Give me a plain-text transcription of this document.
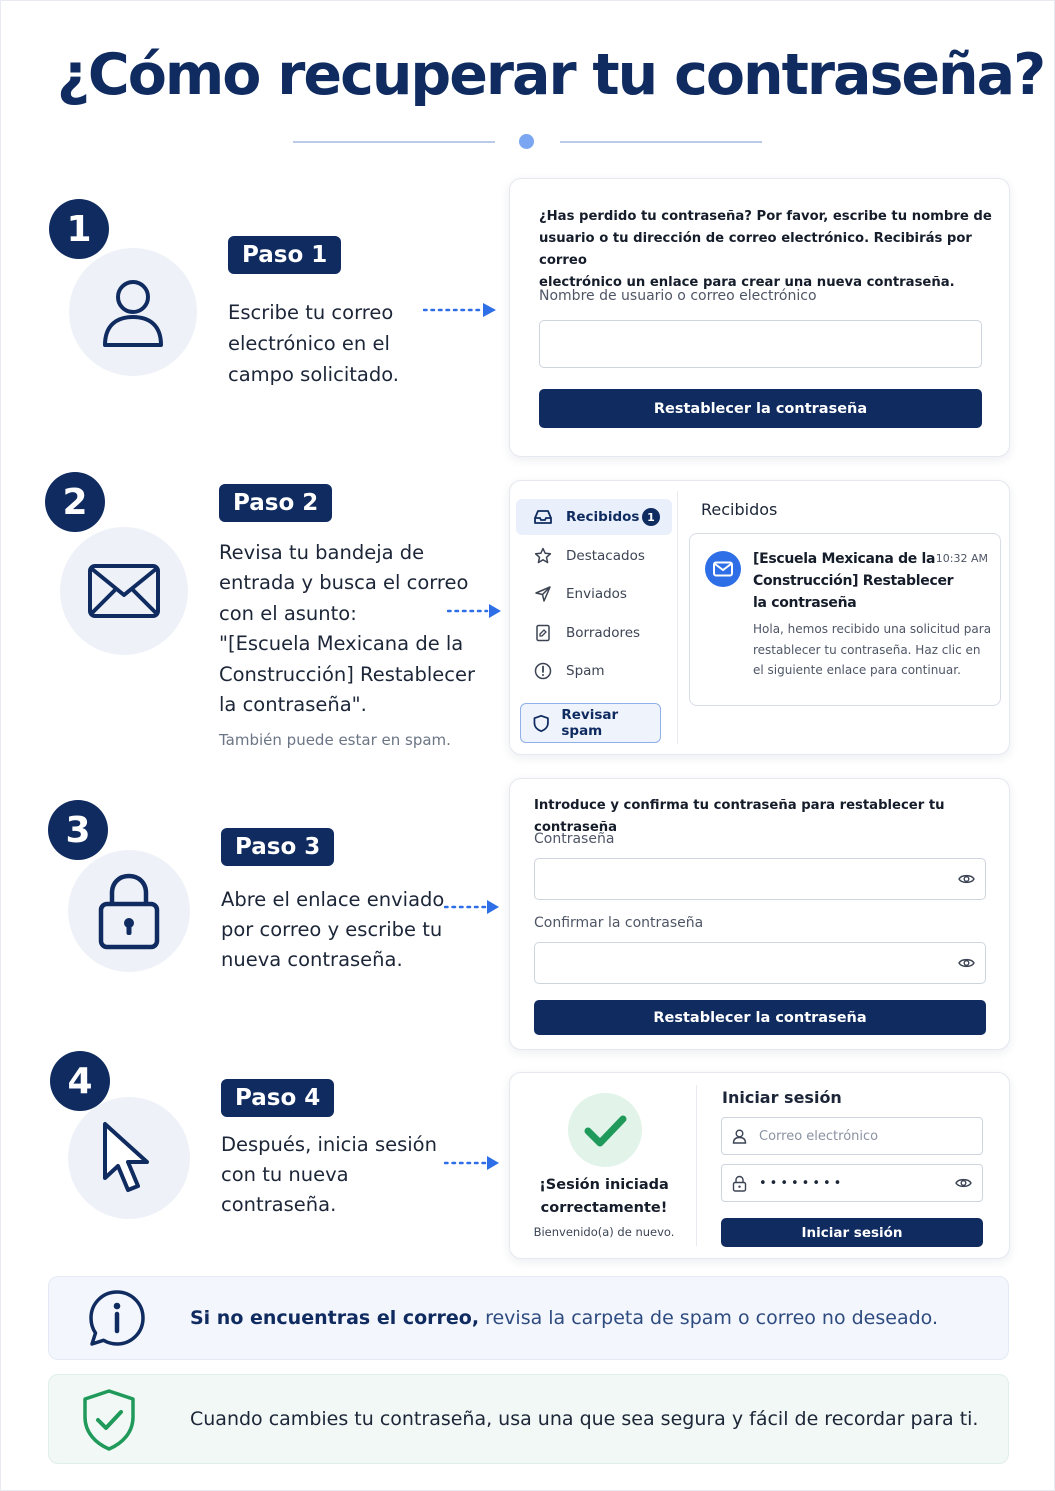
¿Cómo recuperar tu contraseña?
1
Paso 1
Escribe tu correo
electrónico en el
campo solicitado.
¿Has perdido tu contraseña? Por favor, escribe tu nombre de
usuario o tu dirección de correo electrónico. Recibirás por correo
electrónico un enlace para crear una nueva contraseña.
Nombre de usuario o correo electrónico
Restablecer la contraseña
2	Paso 2
Revisa tu bandeja de
entrada y busca el correo
con el asunto:
"[Escuela Mexicana de la
Construcción] Restablecer
la contraseña".
También puede estar en spam.
Recibidos 1
Destacados
Enviados
Borradores
Spam
Revisar spam
Recibidos
[Escuela Mexicana de la
Construcción] Restablecer
la contraseña
10:32 AM
Hola, hemos recibido una solicitud para
restablecer tu contraseña. Haz clic en
el siguiente enlace para continuar.
3	Paso 3
Abre el enlace enviado
por correo y escribe tu
nueva contraseña.
Introduce y confirma tu contraseña para restablecer tu contraseña
Contraseña
Confirmar la contraseña
Restablecer la contraseña
4	Paso 4
Después, inicia sesión
con tu nueva
contraseña.
¡Sesión iniciada
correctamente!
Bienvenido(a) de nuevo.
Iniciar sesión
Correo electrónico
••••••••
Iniciar sesión
Si no encuentras el correo, revisa la carpeta de spam o correo no deseado.
Cuando cambies tu contraseña, usa una que sea segura y fácil de recordar para ti.
